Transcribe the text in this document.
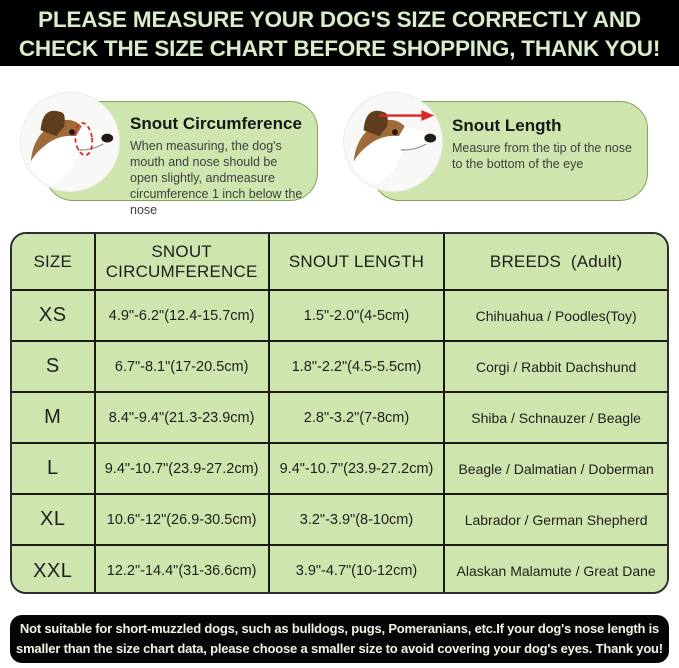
PLEASE MEASURE YOUR DOG'S SIZE CORRECTLY AND
CHECK THE SIZE CHART BEFORE SHOPPING, THANK YOU!
Snout Circumference
When measuring, the dog's mouth and nose should be open slightly, andmeasure circumference 1 inch below the nose
Snout Length
Measure from the tip of the nose to the bottom of the eye
SIZE	SNOUT CIRCUMFERENCE	SNOUT LENGTH	BREEDS  (Adult)
XS	4.9"-6.2"(12.4-15.7cm)	1.5"-2.0"(4-5cm)	Chihuahua / Poodles(Toy)
S	6.7"-8.1"(17-20.5cm)	1.8"-2.2"(4.5-5.5cm)	Corgi / Rabbit Dachshund
M	8.4"-9.4"(21.3-23.9cm)	2.8"-3.2"(7-8cm)	Shiba / Schnauzer / Beagle
L	9.4"-10.7"(23.9-27.2cm)	9.4"-10.7"(23.9-27.2cm)	Beagle / Dalmatian / Doberman
XL	10.6"-12"(26.9-30.5cm)	3.2"-3.9"(8-10cm)	Labrador / German Shepherd
XXL	12.2"-14.4"(31-36.6cm)	3.9"-4.7"(10-12cm)	Alaskan Malamute / Great Dane
Not suitable for short-muzzled dogs, such as bulldogs, pugs, Pomeranians, etc.If your dog's nose length is
smaller than the size chart data, please choose a smaller size to avoid covering your dog's eyes. Thank you!
